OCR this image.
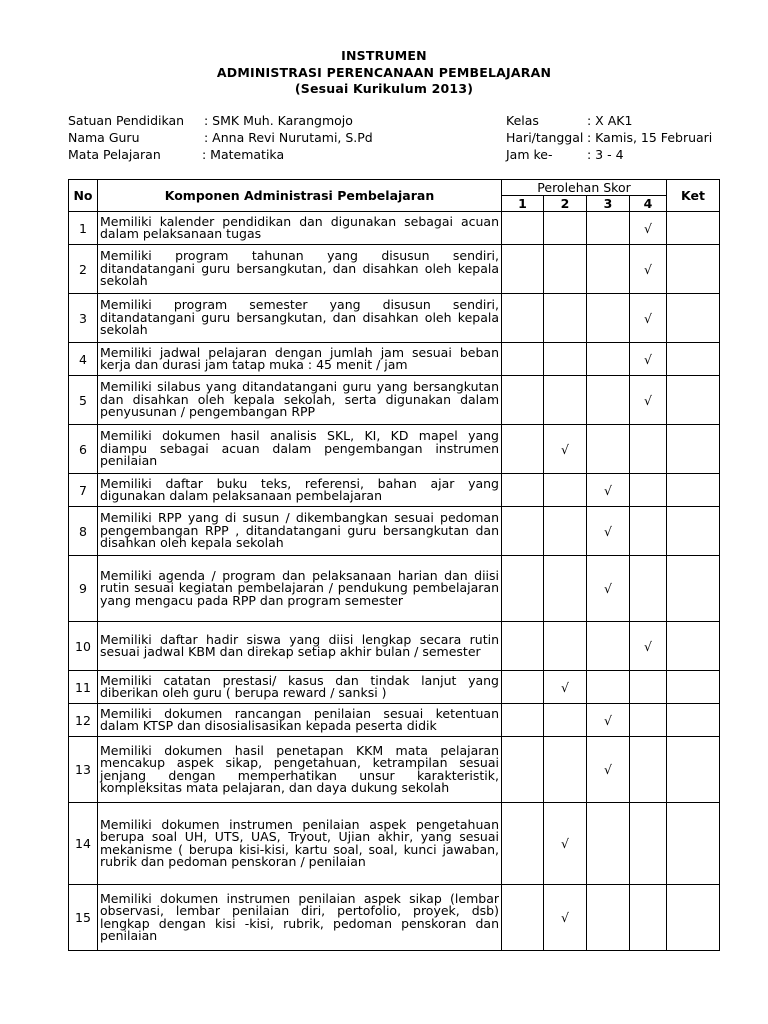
INSTRUMEN
ADMINISTRASI PERENCANAAN PEMBELAJARAN
(Sesuai Kurikulum 2013)
Satuan Pendidikan : SMK Muh. Karangmojo
Nama Guru	: Anna Revi Nurutami, S.Pd
Mata Pelajaran	: Matematika
Kelas	: X AK1
Hari/tanggal : Kamis, 15 Februari
Jam ke-	: 3 - 4
No	Komponen Administrasi Pembelajaran	Perolehan Skor				Ket
		1	2	3	4	
1	Memiliki kalender pendidikan dan digunakan sebagai acuan dalam pelaksanaan tugas				√	
2	Memiliki program tahunan yang disusun sendiri, ditandatangani guru bersangkutan, dan disahkan oleh kepala sekolah				√	
3	Memiliki program semester yang disusun sendiri, ditandatangani guru bersangkutan, dan disahkan oleh kepala sekolah				√	
4	Memiliki jadwal pelajaran dengan jumlah jam sesuai beban kerja dan durasi jam tatap muka : 45 menit / jam				√	
5	Memiliki silabus yang ditandatangani guru yang bersangkutan dan disahkan oleh kepala sekolah, serta digunakan dalam penyusunan / pengembangan RPP				√	
6	Memiliki dokumen hasil analisis SKL, KI, KD mapel yang diampu sebagai acuan dalam pengembangan instrumen penilaian		√			
7	Memiliki daftar buku teks, referensi, bahan ajar yang digunakan dalam pelaksanaan pembelajaran			√		
8	Memiliki RPP yang di susun / dikembangkan sesuai pedoman pengembangan RPP , ditandatangani guru bersangkutan dan disahkan oleh kepala sekolah			√		
9	Memiliki agenda / program dan pelaksanaan harian dan diisi rutin sesuai kegiatan pembelajaran / pendukung pembelajaran yang mengacu pada RPP dan program semester			√		
10	Memiliki daftar hadir siswa yang diisi lengkap secara rutin sesuai jadwal KBM dan direkap setiap akhir bulan / semester				√	
11	Memiliki catatan prestasi/ kasus dan tindak lanjut yang diberikan oleh guru ( berupa reward / sanksi )		√			
12	Memiliki dokumen rancangan penilaian sesuai ketentuan dalam KTSP dan disosialisasikan kepada peserta didik			√		
13	Memiliki dokumen hasil penetapan KKM mata pelajaran mencakup aspek sikap, pengetahuan, ketrampilan sesuai jenjang dengan memperhatikan unsur karakteristik, kompleksitas mata pelajaran, dan daya dukung sekolah			√		
14	Memiliki dokumen instrumen penilaian aspek pengetahuan berupa soal UH, UTS, UAS, Tryout, Ujian akhir, yang sesuai mekanisme ( berupa kisi-kisi, kartu soal, soal, kunci jawaban, rubrik dan pedoman penskoran / penilaian		√			
15	Memiliki dokumen instrumen penilaian aspek sikap (lembar observasi, lembar penilaian diri, pertofolio, proyek, dsb) lengkap dengan kisi -kisi, rubrik, pedoman penskoran dan penilaian		√			
